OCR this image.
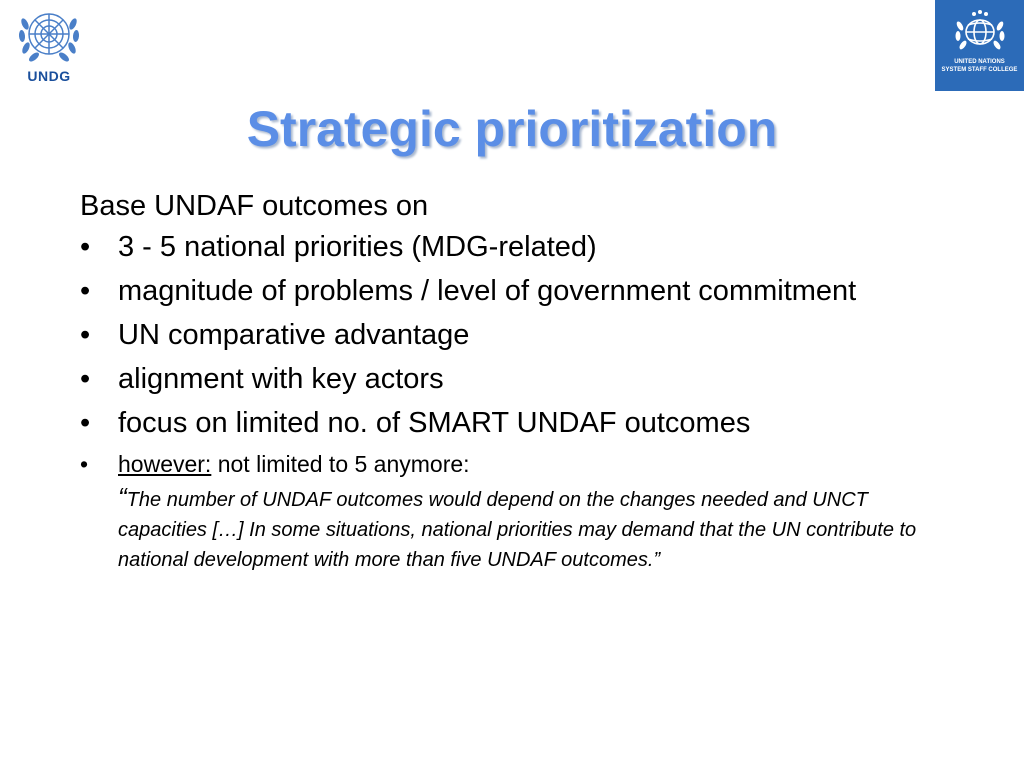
UNDG
UNITED NATIONS
SYSTEM STAFF COLLEGE
Strategic prioritization

Base UNDAF outcomes on

• 3 - 5 national priorities (MDG-related)
• magnitude of problems / level of government commitment
• UN comparative advantage
• alignment with key actors
• focus on limited no. of SMART UNDAF outcomes
• however: not limited to 5 anymore:
“The number of UNDAF outcomes would depend on the changes needed and UNCT capacities […] In some situations, national priorities may demand that the UN contribute to national development with more than five UNDAF outcomes.”
